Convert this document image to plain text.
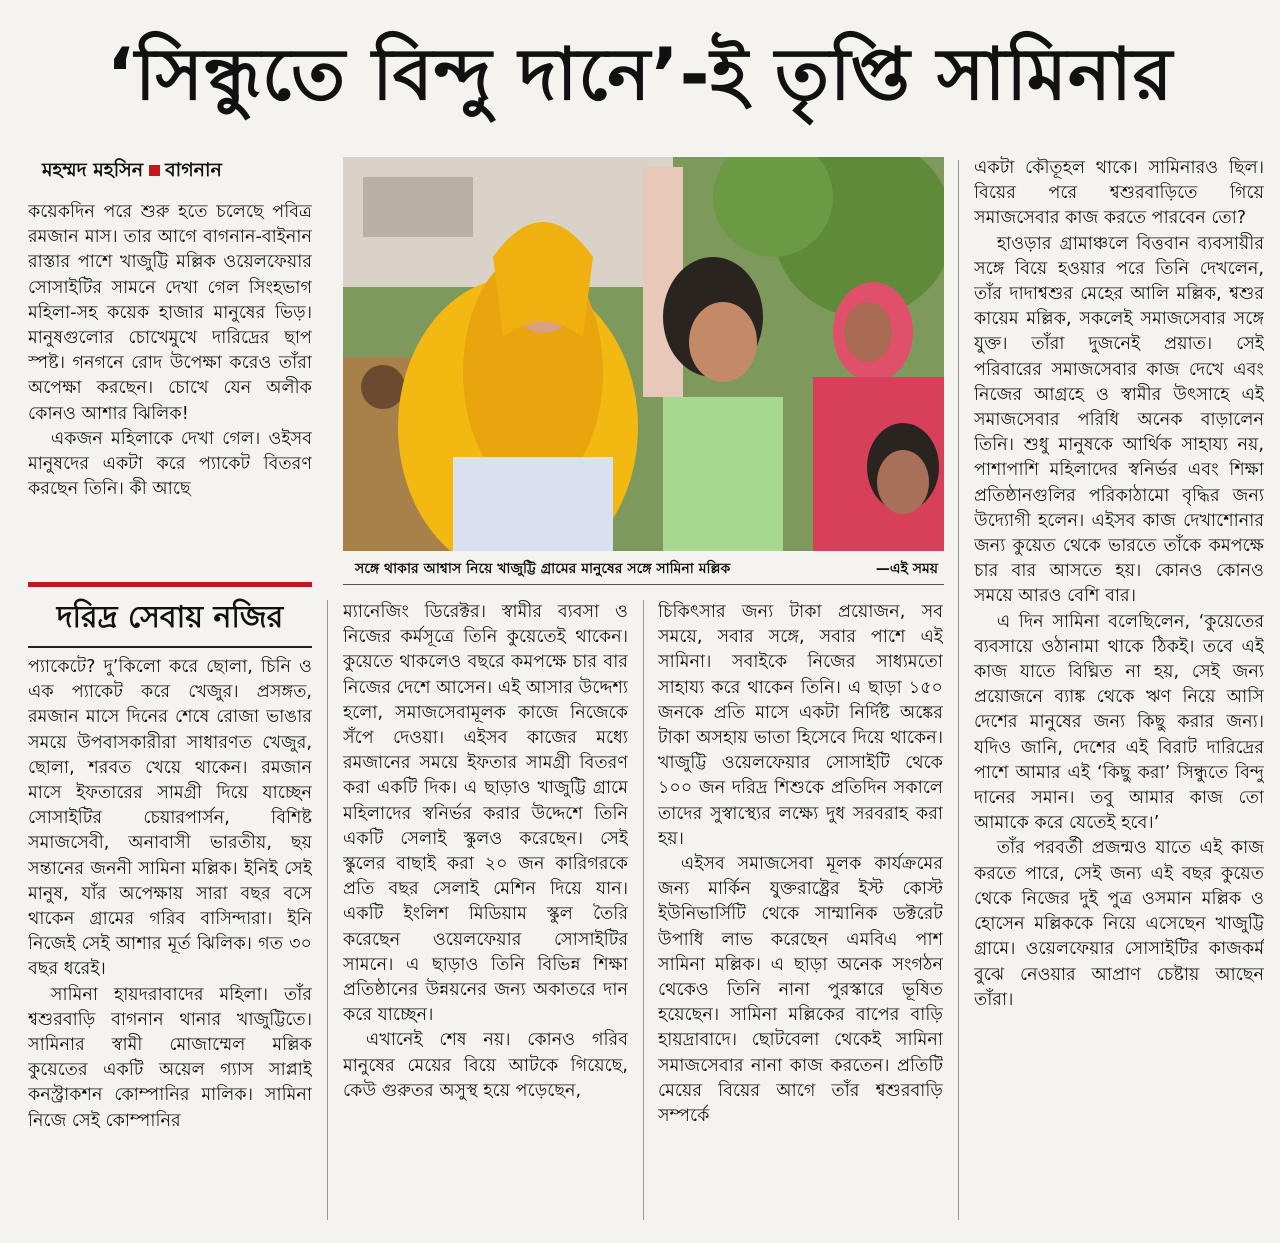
‘সিন্ধুতে বিন্দু দানে’-ই তৃপ্তি সামিনার
মহম্মদ মহসিন বাগনান

কয়েকদিন পরে শুরু হতে চলেছে পবিত্র রমজান মাস। তার আগে বাগনান-বাইনান রাস্তার পাশে খাজুট্টি মল্লিক ওয়েলফেয়ার সোসাইটির সামনে দেখা গেল সিংহভাগ মহিলা-সহ কয়েক হাজার মানুষের ভিড়। মানুষগুলোর চোখেমুখে দারিদ্রের ছাপ স্পষ্ট। গনগনে রোদ উপেক্ষা করেও তাঁরা অপেক্ষা করছেন। চোখে যেন অলীক কোনও আশার ঝিলিক!

একজন মহিলাকে দেখা গেল। ওইসব মানুষদের একটা করে প্যাকেট বিতরণ করছেন তিনি। কী আছে

দরিদ্র সেবায় নজির

প্যাকেটে? দু’কিলো করে ছোলা, চিনি ও এক প্যাকেট করে খেজুর। প্রসঙ্গত, রমজান মাসে দিনের শেষে রোজা ভাঙার সময়ে উপবাসকারীরা সাধারণত খেজুর, ছোলা, শরবত খেয়ে থাকেন। রমজান মাসে ইফতারের সামগ্রী দিয়ে যাচ্ছেন সোসাইটির চেয়ারপার্সন, বিশিষ্ট সমাজসেবী, অনাবাসী ভারতীয়, ছয় সন্তানের জননী সামিনা মল্লিক। ইনিই সেই মানুষ, যাঁর অপেক্ষায় সারা বছর বসে থাকেন গ্রামের গরিব বাসিন্দারা। ইনি নিজেই সেই আশার মূর্ত ঝিলিক। গত ৩০ বছর ধরেই।

সামিনা হায়দরাবাদের মহিলা। তাঁর শ্বশুরবাড়ি বাগনান থানার খাজুট্টিতে। সামিনার স্বামী মোজাম্মেল মল্লিক কুয়েতের একটি অয়েল গ্যাস সাপ্লাই কনস্ট্রাকশন কোম্পানির মালিক। সামিনা নিজে সেই কোম্পানির

সঙ্গে থাকার আশ্বাস নিয়ে খাজুট্টি গ্রামের মানুষের সঙ্গে সামিনা মল্লিক	—এই সময়

ম্যানেজিং ডিরেক্টর। স্বামীর ব্যবসা ও নিজের কর্মসূত্রে তিনি কুয়েতেই থাকেন। কুয়েতে থাকলেও বছরে কমপক্ষে চার বার নিজের দেশে আসেন। এই আসার উদ্দেশ্য হলো, সমাজসেবামূলক কাজে নিজেকে সঁপে দেওয়া। এইসব কাজের মধ্যে রমজানের সময়ে ইফতার সামগ্রী বিতরণ করা একটি দিক। এ ছাড়াও খাজুট্টি গ্রামে মহিলাদের স্বনির্ভর করার উদ্দেশে তিনি একটি সেলাই স্কুলও করেছেন। সেই স্কুলের বাছাই করা ২০ জন কারিগরকে প্রতি বছর সেলাই মেশিন দিয়ে যান। একটি ইংলিশ মিডিয়াম স্কুল তৈরি করেছেন ওয়েলফেয়ার সোসাইটির সামনে। এ ছাড়াও তিনি বিভিন্ন শিক্ষা প্রতিষ্ঠানের উন্নয়নের জন্য অকাতরে দান করে যাচ্ছেন।

এখানেই শেষ নয়। কোনও গরিব মানুষের মেয়ের বিয়ে আটকে গিয়েছে, কেউ গুরুতর অসুস্থ হয়ে পড়েছেন,

চিকিৎসার জন্য টাকা প্রয়োজন, সব সময়ে, সবার সঙ্গে, সবার পাশে এই সামিনা। সবাইকে নিজের সাধ্যমতো সাহায্য করে থাকেন তিনি। এ ছাড়া ১৫০ জনকে প্রতি মাসে একটা নির্দিষ্ট অঙ্কের টাকা অসহায় ভাতা হিসেবে দিয়ে থাকেন। খাজুট্টি ওয়েলফেয়ার সোসাইটি থেকে ১০০ জন দরিদ্র শিশুকে প্রতিদিন সকালে তাদের সুস্বাস্থ্যের লক্ষ্যে দুধ সরবরাহ করা হয়।

এইসব সমাজসেবা মূলক কার্যক্রমের জন্য মার্কিন যুক্তরাষ্ট্রের ইস্ট কোস্ট ইউনিভার্সিটি থেকে সাম্মানিক ডক্টরেট উপাধি লাভ করেছেন এমবিএ পাশ সামিনা মল্লিক। এ ছাড়া অনেক সংগঠন থেকেও তিনি নানা পুরস্কারে ভূষিত হয়েছেন। সামিনা মল্লিকের বাপের বাড়ি হায়দ্রাবাদে। ছোটবেলা থেকেই সামিনা সমাজসেবার নানা কাজ করতেন। প্রতিটি মেয়ের বিয়ের আগে তাঁর শ্বশুরবাড়ি সম্পর্কে

একটা কৌতূহল থাকে। সামিনারও ছিল। বিয়ের পরে শ্বশুরবাড়িতে গিয়ে সমাজসেবার কাজ করতে পারবেন তো?

হাওড়ার গ্রামাঞ্চলে বিত্তবান ব্যবসায়ীর সঙ্গে বিয়ে হওয়ার পরে তিনি দেখলেন, তাঁর দাদাশ্বশুর মেহের আলি মল্লিক, শ্বশুর কায়েম মল্লিক, সকলেই সমাজসেবার সঙ্গে যুক্ত। তাঁরা দুজনেই প্রয়াত। সেই পরিবারের সমাজসেবার কাজ দেখে এবং নিজের আগ্রহে ও স্বামীর উৎসাহে এই সমাজসেবার পরিধি অনেক বাড়ালেন তিনি। শুধু মানুষকে আর্থিক সাহায্য নয়, পাশাপাশি মহিলাদের স্বনির্ভর এবং শিক্ষা প্রতিষ্ঠানগুলির পরিকাঠামো বৃদ্ধির জন্য উদ্যোগী হলেন। এইসব কাজ দেখাশোনার জন্য কুয়েত থেকে ভারতে তাঁকে কমপক্ষে চার বার আসতে হয়। কোনও কোনও সময়ে আরও বেশি বার।

এ দিন সামিনা বলেছিলেন, ‘কুয়েতের ব্যবসায়ে ওঠানামা থাকে ঠিকই। তবে এই কাজ যাতে বিঘ্নিত না হয়, সেই জন্য প্রয়োজনে ব্যাঙ্ক থেকে ঋণ নিয়ে আসি দেশের মানুষের জন্য কিছু করার জন্য। যদিও জানি, দেশের এই বিরাট দারিদ্রের পাশে আমার এই ‘কিছু করা’ সিন্ধুতে বিন্দু দানের সমান। তবু আমার কাজ তো আমাকে করে যেতেই হবে।’

তাঁর পরবর্তী প্রজন্মও যাতে এই কাজ করতে পারে, সেই জন্য এই বছর কুয়েত থেকে নিজের দুই পুত্র ওসমান মল্লিক ও হোসেন মল্লিককে নিয়ে এসেছেন খাজুট্টি গ্রামে। ওয়েলফেয়ার সোসাইটির কাজকর্ম বুঝে নেওয়ার আপ্রাণ চেষ্টায় আছেন তাঁরা।
